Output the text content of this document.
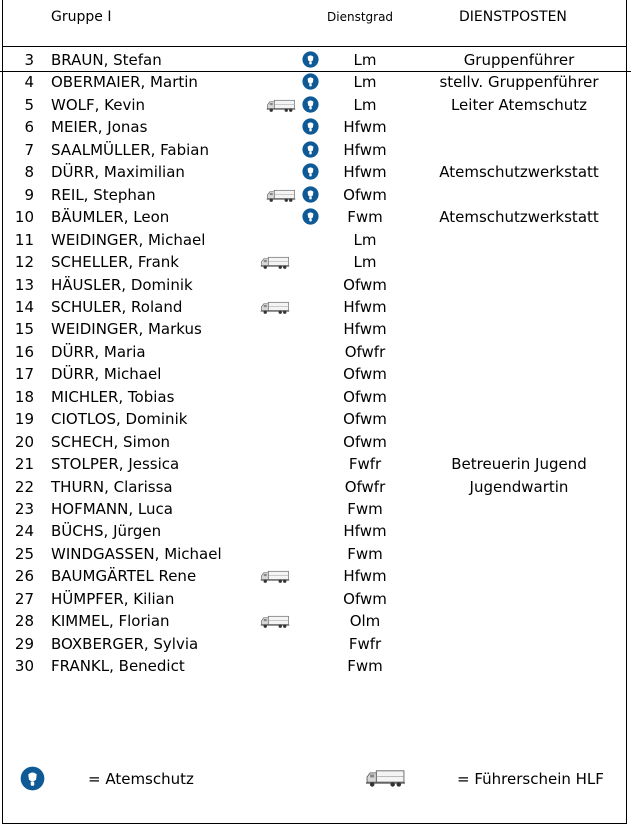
Gruppe I	Dienstgrad	DIENSTPOSTEN
3 BRAUN, Stefan	Lm	Gruppenführer
4 OBERMAIER, Martin	Lm	stellv. Gruppenführer
5 WOLF, Kevin	Lm	Leiter Atemschutz
6 MEIER, Jonas	Hfwm
7 SAALMÜLLER, Fabian	Hfwm
8 DÜRR, Maximilian	Hfwm	Atemschutzwerkstatt
9 REIL, Stephan	Ofwm
10 BÄUMLER, Leon	Fwm	Atemschutzwerkstatt
11 WEIDINGER, Michael	Lm
12 SCHELLER, Frank	Lm
13 HÄUSLER, Dominik	Ofwm
14 SCHULER, Roland	Hfwm
15 WEIDINGER, Markus	Hfwm
16 DÜRR, Maria	Ofwfr
17 DÜRR, Michael	Ofwm
18 MICHLER, Tobias	Ofwm
19 CIOTLOS, Dominik	Ofwm
20 SCHECH, Simon	Ofwm
21 STOLPER, Jessica	Fwfr	Betreuerin Jugend
22 THURN, Clarissa	Ofwfr	Jugendwartin
23 HOFMANN, Luca	Fwm
24 BÜCHS, Jürgen	Hfwm
25 WINDGASSEN, Michael	Fwm
26 BAUMGÄRTEL Rene	Hfwm
27 HÜMPFER, Kilian	Ofwm
28 KIMMEL, Florian	Olm
29 BOXBERGER, Sylvia	Fwfr
30 FRANKL, Benedict	Fwm
= Atemschutz	= Führerschein HLF
